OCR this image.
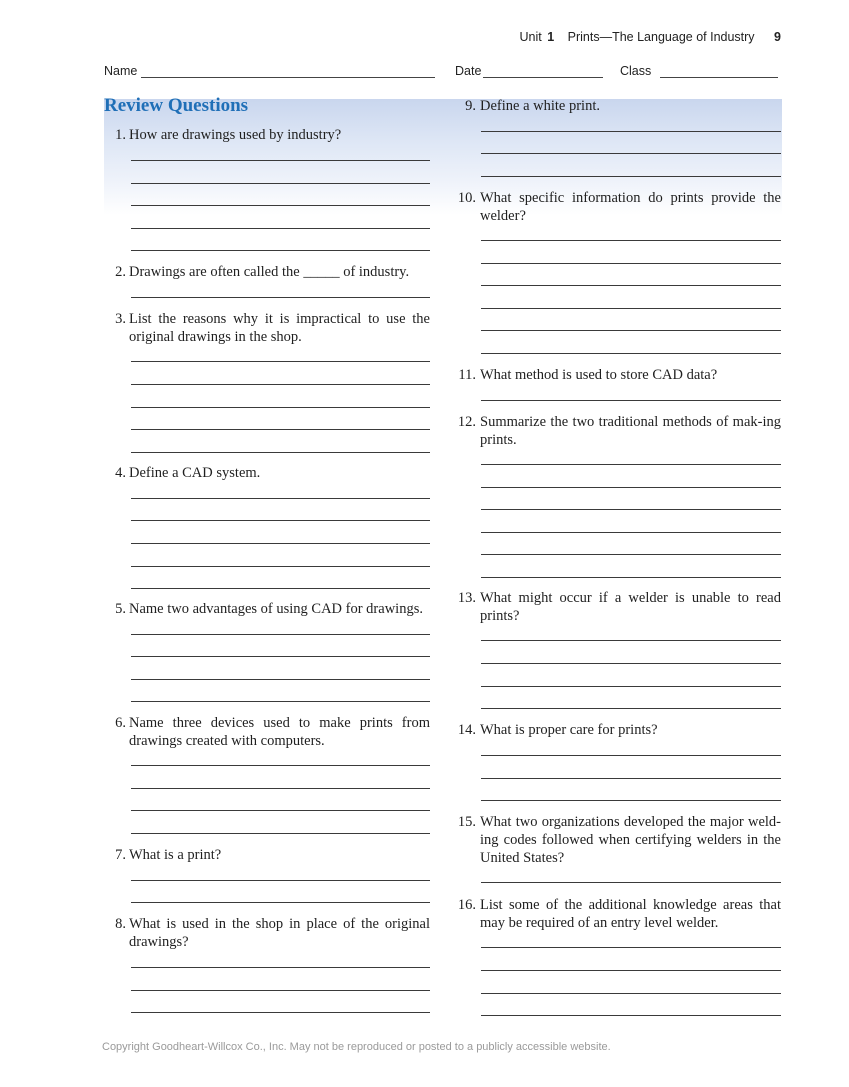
Unit 1 Prints—The Language of Industry 9
Name	Date	Class
Review Questions
1. How are drawings used by industry?
2. Drawings are often called the _____ of industry.
3. List the reasons why it is impractical to use the original drawings in the shop.
4. Define a CAD system.
5. Name two advantages of using CAD for drawings.
6. Name three devices used to make prints from drawings created with computers.
7. What is a print?
8. What is used in the shop in place of the original drawings?
9. Define a white print.
10. What specific information do prints provide the welder?
11. What method is used to store CAD data?
12. Summarize the two traditional methods of mak-ing prints.
13. What might occur if a welder is unable to read prints?
14. What is proper care for prints?
15. What two organizations developed the major weld-ing codes followed when certifying welders in the United States?
16. List some of the additional knowledge areas that may be required of an entry level welder.
Copyright Goodheart-Willcox Co., Inc. May not be reproduced or posted to a publicly accessible website.
